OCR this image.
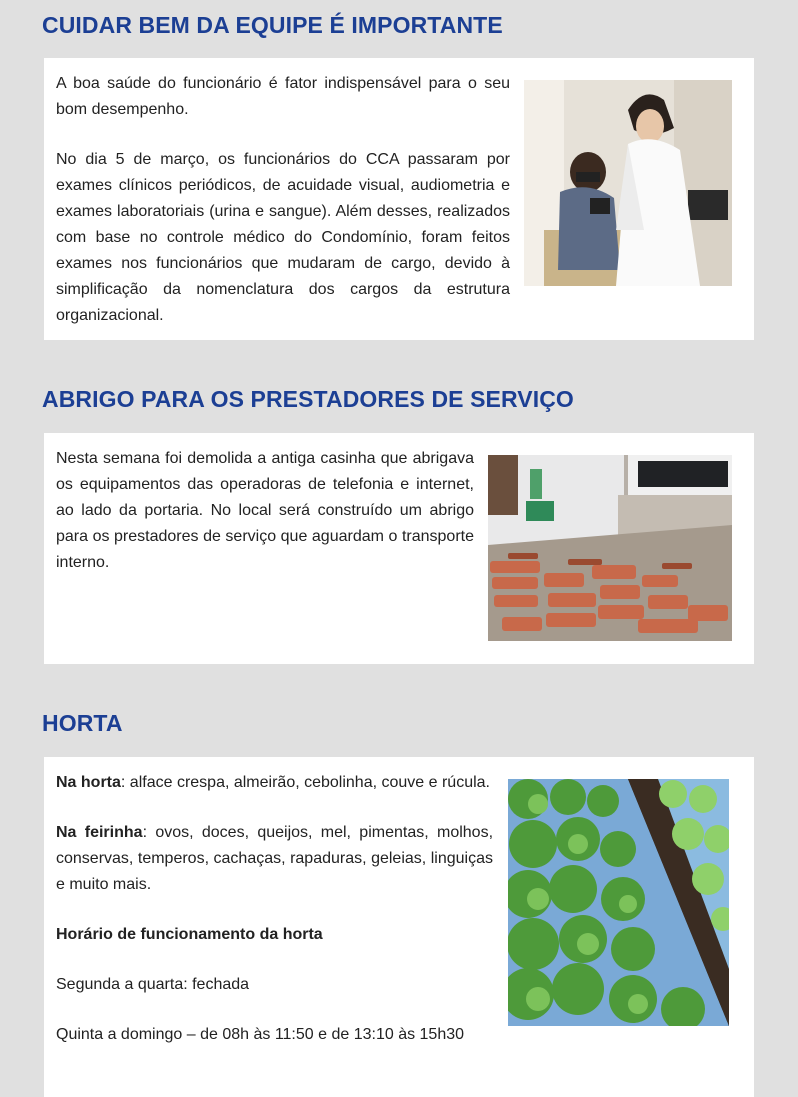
CUIDAR BEM DA EQUIPE É IMPORTANTE

A boa saúde do funcionário é fator indispensável para o seu bom desempenho.

No dia 5 de março, os funcionários do CCA passaram por exames clínicos periódicos, de acuidade visual, audiometria e exames laboratoriais (urina e sangue). Além desses, realizados com base no controle médico do Condomínio, foram feitos exames nos funcionários que mudaram de cargo, devido à simplificação da nomenclatura dos cargos da estrutura organizacional.

ABRIGO PARA OS PRESTADORES DE SERVIÇO

Nesta semana foi demolida a antiga casinha que abrigava os equipamentos das operadoras de telefonia e internet, ao lado da portaria. No local será construído um abrigo para os prestadores de serviço que aguardam o transporte interno.

HORTA

Na horta: alface crespa, almeirão, cebolinha, couve e rúcula.

Na feirinha: ovos, doces, queijos, mel, pimentas, molhos, conservas, temperos, cachaças, rapaduras, geleias, linguiças e muito mais.

Horário de funcionamento da horta

Segunda a quarta: fechada

Quinta a domingo – de 08h às 11:50 e de 13:10 às 15h30
